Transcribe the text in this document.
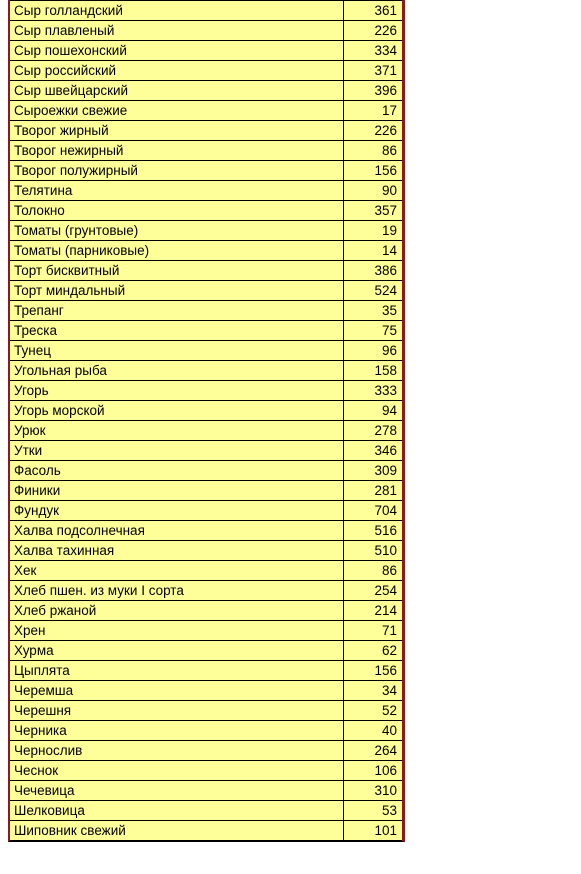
Сыр голландский	361
Сыр плавленый	226
Сыр пошехонский	334
Сыр российский	371
Сыр швейцарский	396
Сыроежки свежие	17
Творог жирный	226
Творог нежирный	86
Творог полужирный	156
Телятина	90
Толокно	357
Томаты (грунтовые)	19
Томаты (парниковые)	14
Торт бисквитный	386
Торт миндальный	524
Трепанг	35
Треска	75
Тунец	96
Угольная рыба	158
Угорь	333
Угорь морской	94
Урюк	278
Утки	346
Фасоль	309
Финики	281
Фундук	704
Халва подсолнечная	516
Халва тахинная	510
Хек	86
Хлеб пшен. из муки I сорта	254
Хлеб ржаной	214
Хрен	71
Хурма	62
Цыплята	156
Черемша	34
Черешня	52
Черника	40
Чернослив	264
Чеснок	106
Чечевица	310
Шелковица	53
Шиповник свежий	101
